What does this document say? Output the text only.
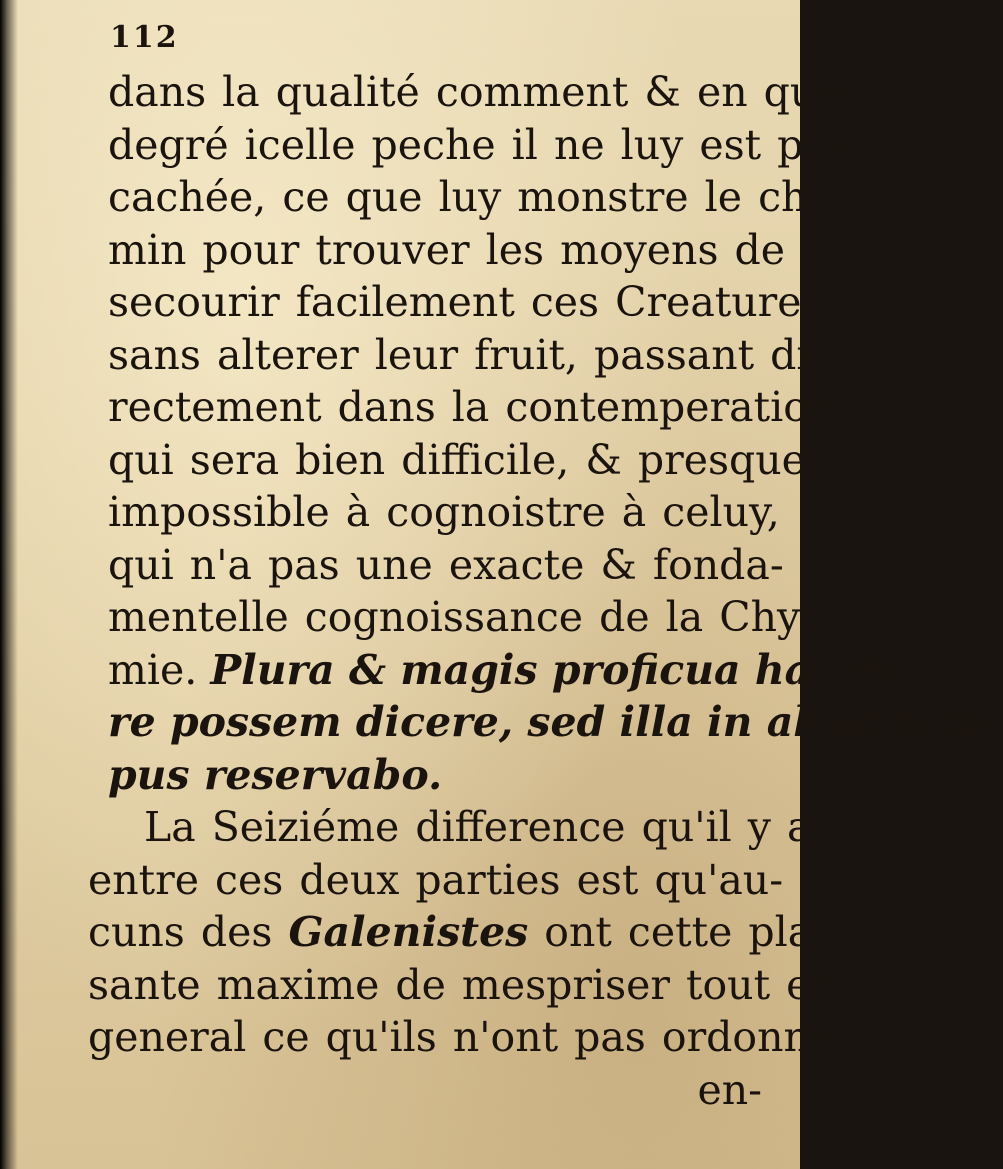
112

dans la qualité comment & en quel
degré icelle peche il ne luy est pas
cachée, ce que luy monstre le che-
min pour trouver les moyens de
secourir facilement ces Creatures
sans alterer leur fruit, passant di-
rectement dans la contemperation
qui sera bien difficile, & presque
impossible à cognoistre à celuy,
qui n'a pas une exacte & fonda-
mentelle cognoissance de la Chy-
mie. Plura & magis proficua hac de
re possem dicere, sed illa in aliud tem-
pus reservabo.
La Seiziéme difference qu'il y a
entre ces deux parties est qu'au-
cuns des Galenistes ont cette plai-
sante maxime de mespriser tout en
general ce qu'ils n'ont pas ordonné
en-
